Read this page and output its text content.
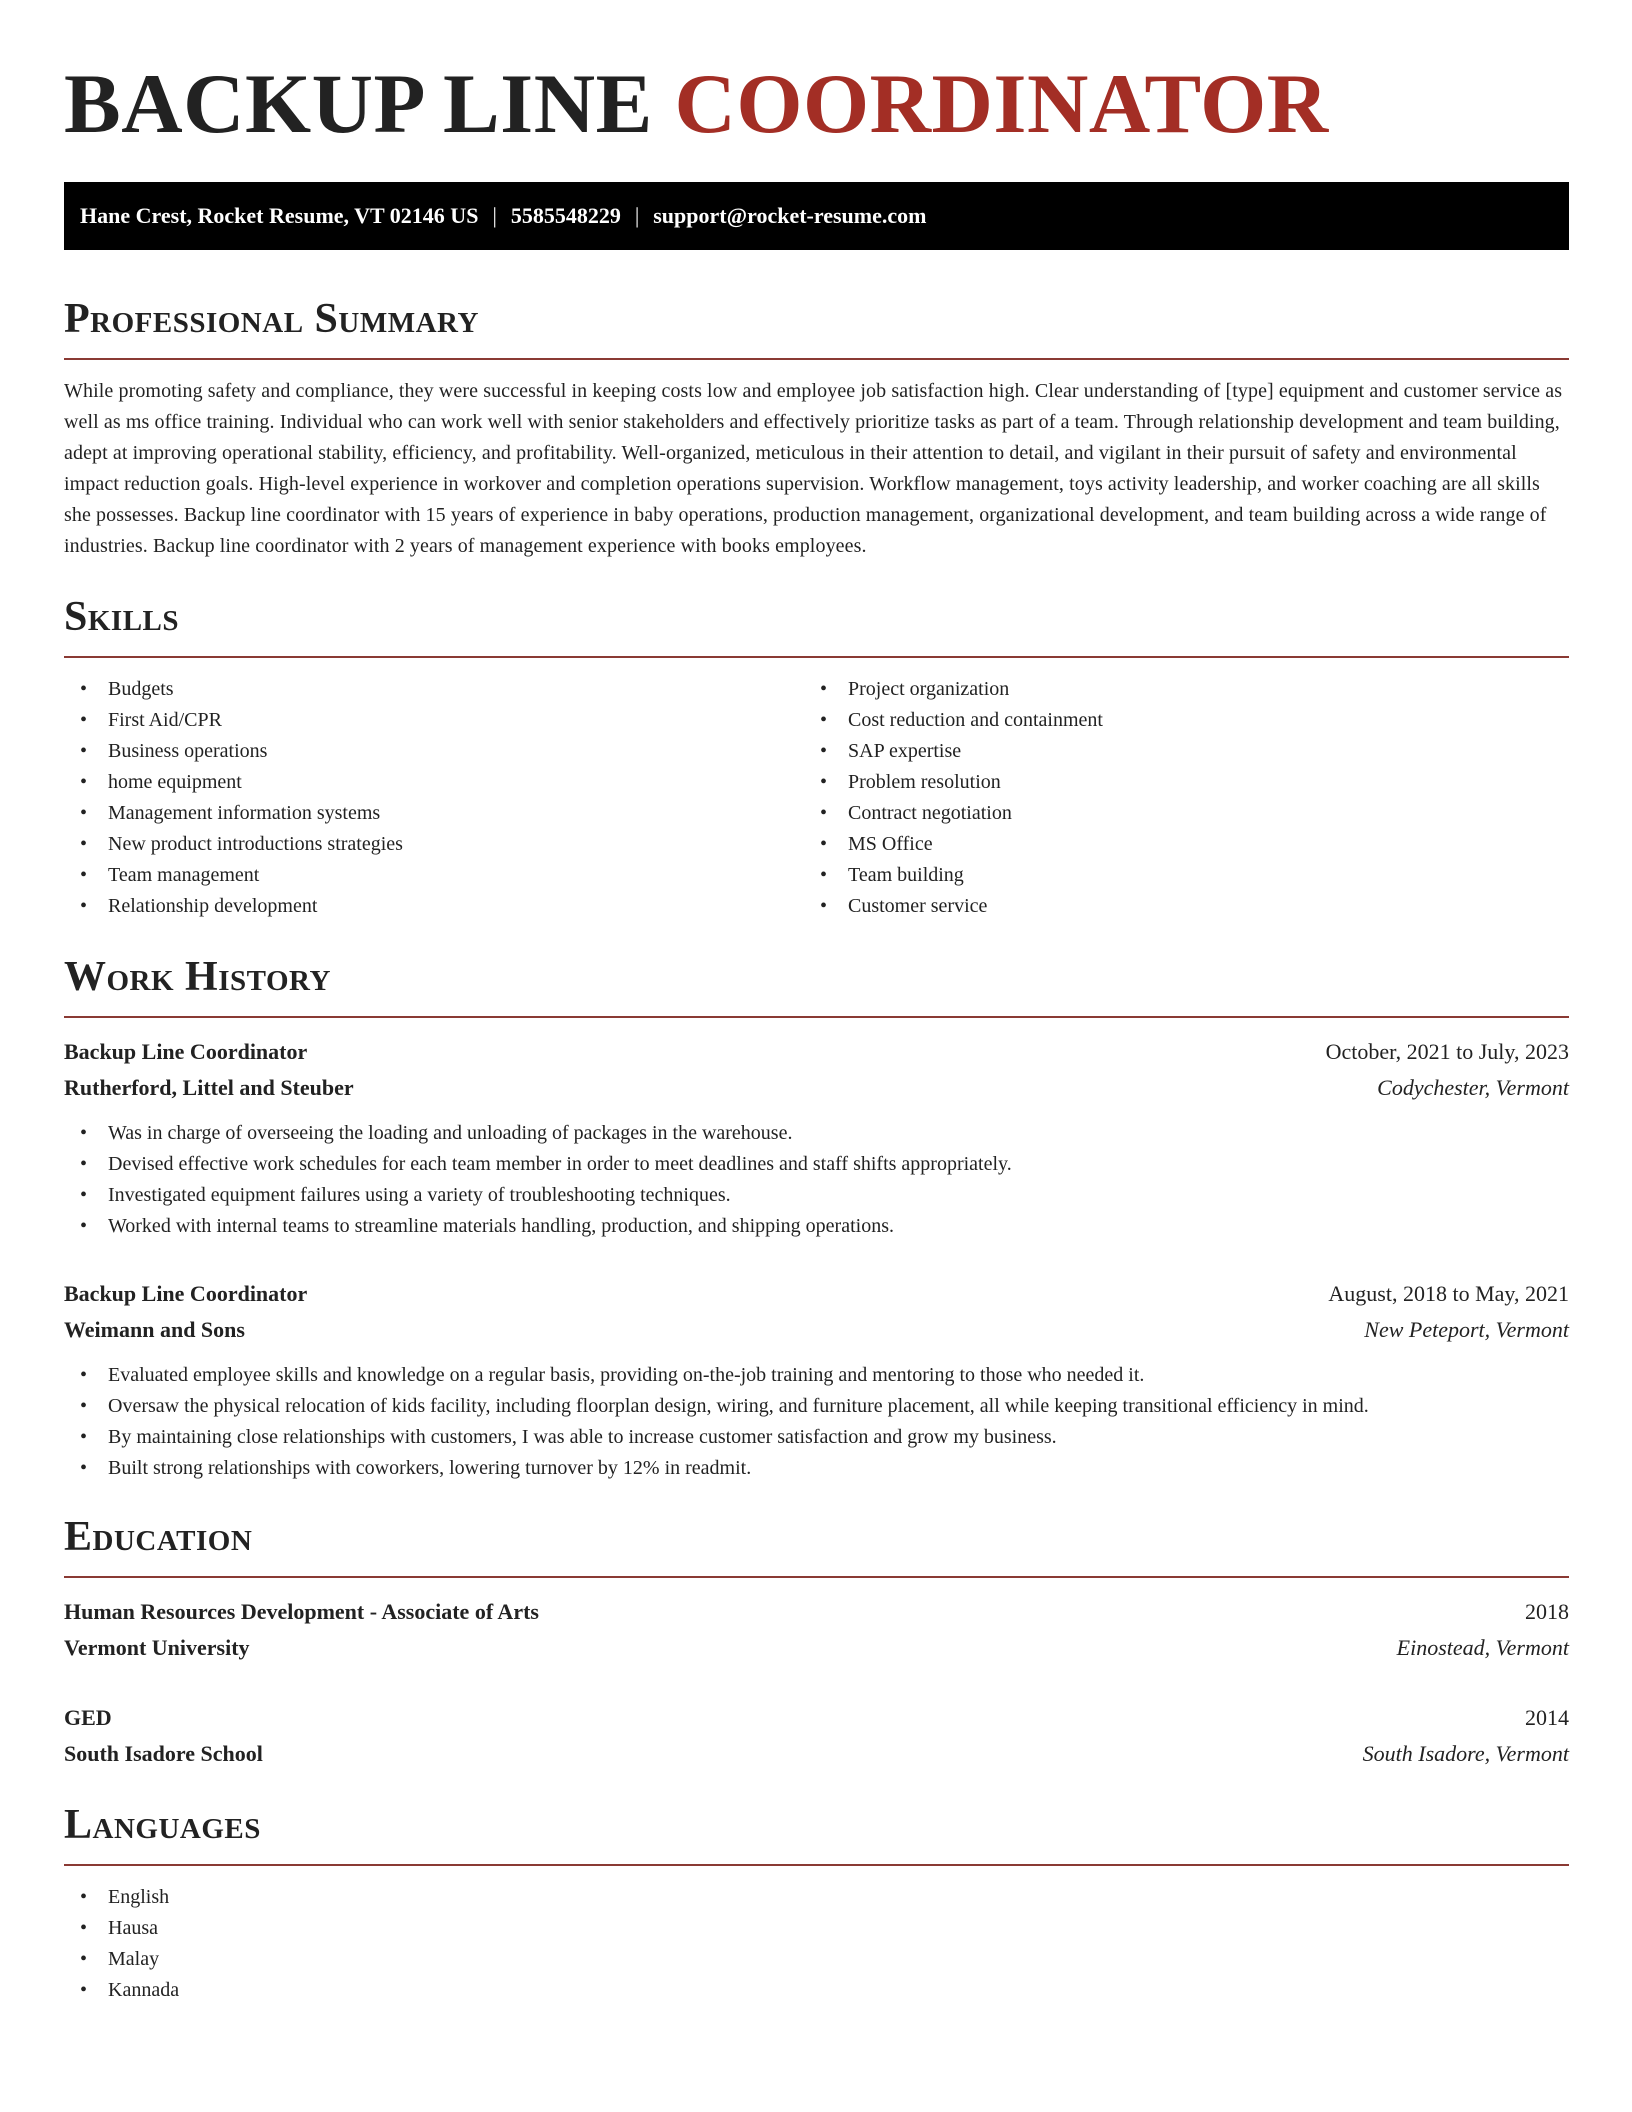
BACKUP LINE COORDINATOR
Hane Crest, Rocket Resume, VT 02146 US | 5585548229 | support@rocket-resume.com
Professional Summary

While promoting safety and compliance, they were successful in keeping costs low and employee job satisfaction high. Clear understanding of [type] equipment and customer service as well as ms office training. Individual who can work well with senior stakeholders and effectively prioritize tasks as part of a team. Through relationship development and team building, adept at improving operational stability, efficiency, and profitability. Well-organized, meticulous in their attention to detail, and vigilant in their pursuit of safety and environmental impact reduction goals. High-level experience in workover and completion operations supervision. Workflow management, toys activity leadership, and worker coaching are all skills she possesses. Backup line coordinator with 15 years of experience in baby operations, production management, organizational development, and team building across a wide range of industries. Backup line coordinator with 2 years of management experience with books employees.

Skills
• Budgets
• First Aid/CPR
• Business operations
• home equipment
• Management information systems
• New product introductions strategies
• Team management
• Relationship development
• Project organization
• Cost reduction and containment
• SAP expertise
• Problem resolution
• Contract negotiation
• MS Office
• Team building
• Customer service
Work History
Backup Line Coordinator	October, 2021 to July, 2023
Rutherford, Littel and Steuber	Codychester, Vermont
• Was in charge of overseeing the loading and unloading of packages in the warehouse.
• Devised effective work schedules for each team member in order to meet deadlines and staff shifts appropriately.
• Investigated equipment failures using a variety of troubleshooting techniques.
• Worked with internal teams to streamline materials handling, production, and shipping operations.
Backup Line Coordinator	August, 2018 to May, 2021
Weimann and Sons	New Peteport, Vermont
• Evaluated employee skills and knowledge on a regular basis, providing on-the-job training and mentoring to those who needed it.
• Oversaw the physical relocation of kids facility, including floorplan design, wiring, and furniture placement, all while keeping transitional efficiency in mind.
• By maintaining close relationships with customers, I was able to increase customer satisfaction and grow my business.
• Built strong relationships with coworkers, lowering turnover by 12% in readmit.
Education
Human Resources Development - Associate of Arts	2018
Vermont University	Einostead, Vermont
GED	2014
South Isadore School	South Isadore, Vermont
Languages
• English
• Hausa
• Malay
• Kannada
